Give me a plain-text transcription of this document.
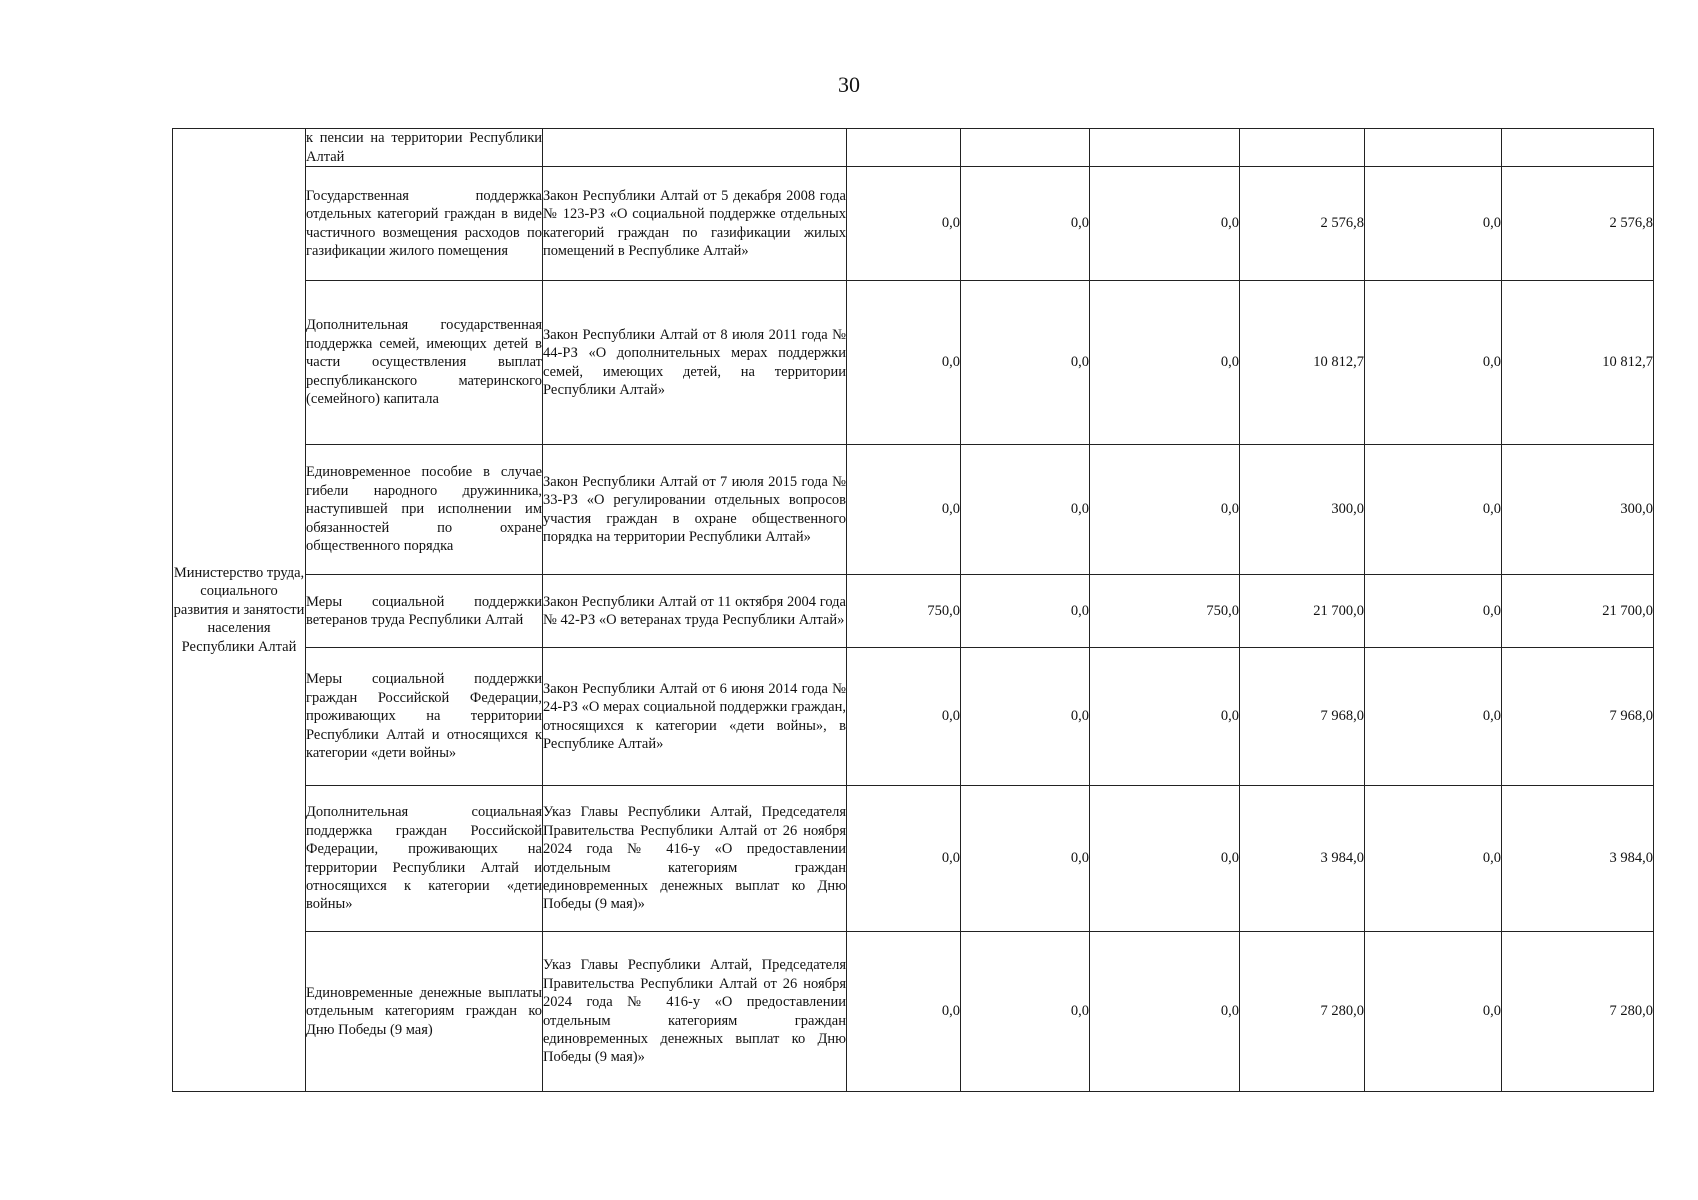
30
Министерство труда, социального развития и занятости населения Республики Алтай	к пенсии на территории Республики Алтай							
	Государственная поддержка отдельных категорий граждан в виде частичного возмещения расходов по газификации жилого помещения	Закон Республики Алтай от 5 декабря 2008 года № 123-РЗ «О социальной поддержке отдельных категорий граждан по газификации жилых помещений в Республике Алтай»	0,0	0,0	0,0	2 576,8	0,0	2 576,8
	Дополнительная государственная поддержка семей, имеющих детей в части осуществления выплат республиканского материнского (семейного) капитала	Закон Республики Алтай от 8 июля 2011 года № 44-РЗ «О дополнительных мерах поддержки семей, имеющих детей, на территории Республики Алтай»	0,0	0,0	0,0	10 812,7	0,0	10 812,7
	Единовременное пособие в случае гибели народного дружинника, наступившей при исполнении им обязанностей по охране общественного порядка	Закон Республики Алтай от 7 июля 2015 года № 33-РЗ «О регулировании отдельных вопросов участия граждан в охране общественного порядка на территории Республики Алтай»	0,0	0,0	0,0	300,0	0,0	300,0
	Меры социальной поддержки ветеранов труда Республики Алтай	Закон Республики Алтай от 11 октября 2004 года № 42-РЗ «О ветеранах труда Республики Алтай»	750,0	0,0	750,0	21 700,0	0,0	21 700,0
	Меры социальной поддержки граждан Российской Федерации, проживающих на территории Республики Алтай и относящихся к категории «дети войны»	Закон Республики Алтай от 6 июня 2014 года № 24-РЗ «О мерах социальной поддержки граждан, относящихся к категории «дети войны», в Республике Алтай»	0,0	0,0	0,0	7 968,0	0,0	7 968,0
	Дополнительная социальная поддержка граждан Российской Федерации, проживающих на территории Республики Алтай и относящихся к категории «дети войны»	Указ Главы Республики Алтай, Председателя Правительства Республики Алтай от 26 ноября 2024 года № 416-у «О предоставлении отдельным категориям граждан единовременных денежных выплат ко Дню Победы (9 мая)»	0,0	0,0	0,0	3 984,0	0,0	3 984,0
	Единовременные денежные выплаты отдельным категориям граждан ко Дню Победы (9 мая)	Указ Главы Республики Алтай, Председателя Правительства Республики Алтай от 26 ноября 2024 года № 416-у «О предоставлении отдельным категориям граждан единовременных денежных выплат ко Дню Победы (9 мая)»	0,0	0,0	0,0	7 280,0	0,0	7 280,0
